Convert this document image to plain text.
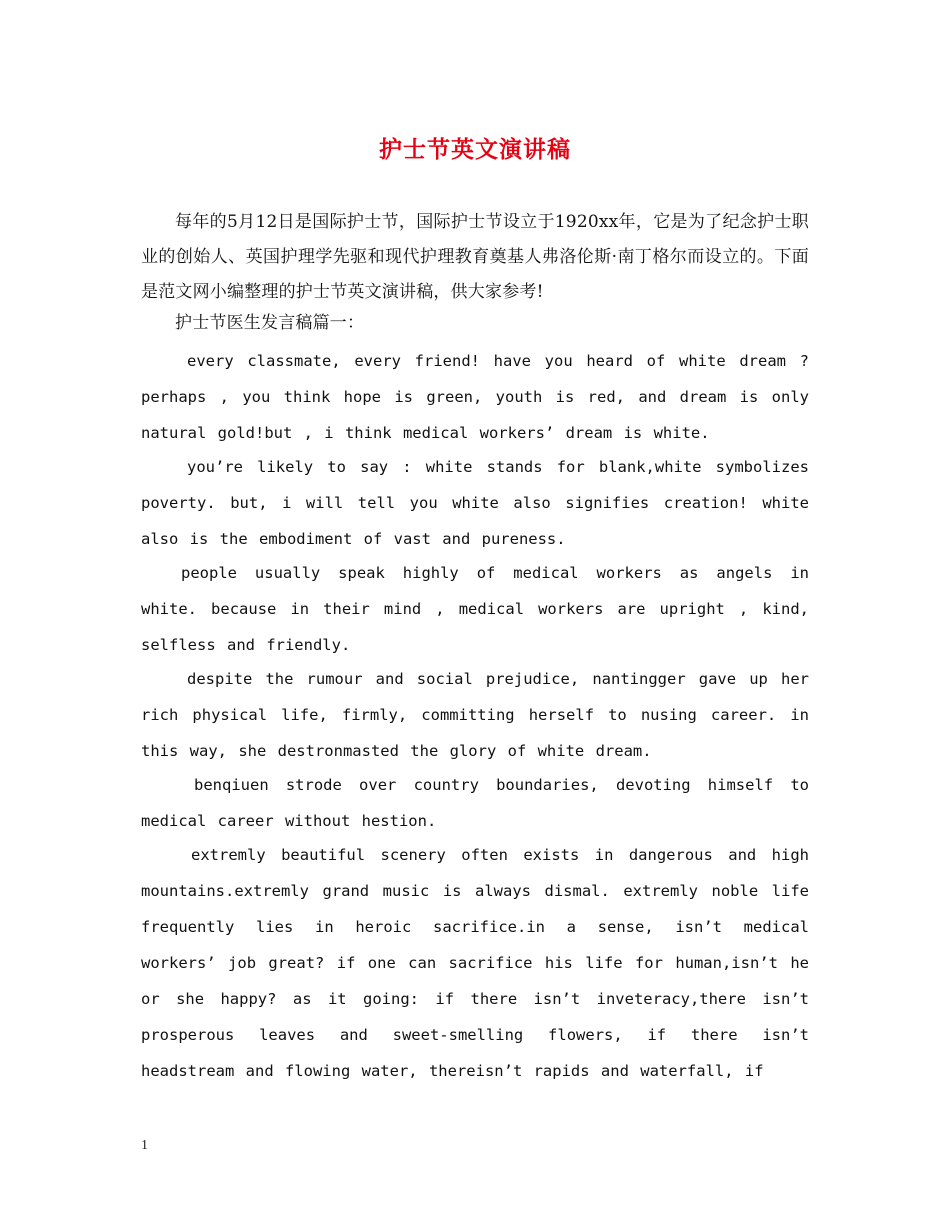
护士节英文演讲稿

每年的5月12日是国际护士节，国际护士节设立于1920xx年，它是为了纪念护士职业的创始人、英国护理学先驱和现代护理教育奠基人弗洛伦斯·南丁格尔而设立的。下面是范文网小编整理的护士节英文演讲稿，供大家参考!

护士节医生发言稿篇一：

every classmate, every friend! have you heard of white dream ? perhaps , you think hope is green, youth is red, and dream is only natural gold!but , i think medical workers’ dream is white.

you’re likely to say : white stands for blank,white symbolizes poverty. but, i will tell you white also signifies creation! white also is the embodiment of vast and pureness.

people usually speak highly of medical workers as angels in white. because in their mind , medical workers are upright , kind, selfless and friendly.

despite the rumour and social prejudice, nantingger gave up her rich physical life, firmly, committing herself to nusing career. in this way, she destronmasted the glory of white dream.

benqiuen strode over country boundaries, devoting himself to medical career without hestion.

extremly beautiful scenery often exists in dangerous and high mountains.extremly grand music is always dismal. extremly noble life frequently lies in heroic sacrifice.in a sense, isn’t medical workers’ job great? if one can sacrifice his life for human,isn’t he or she happy? as it going: if there isn’t inveteracy,there isn’t prosperous leaves and sweet-smelling flowers, if there isn’t headstream and flowing water, thereisn’t rapids and waterfall, if

1
